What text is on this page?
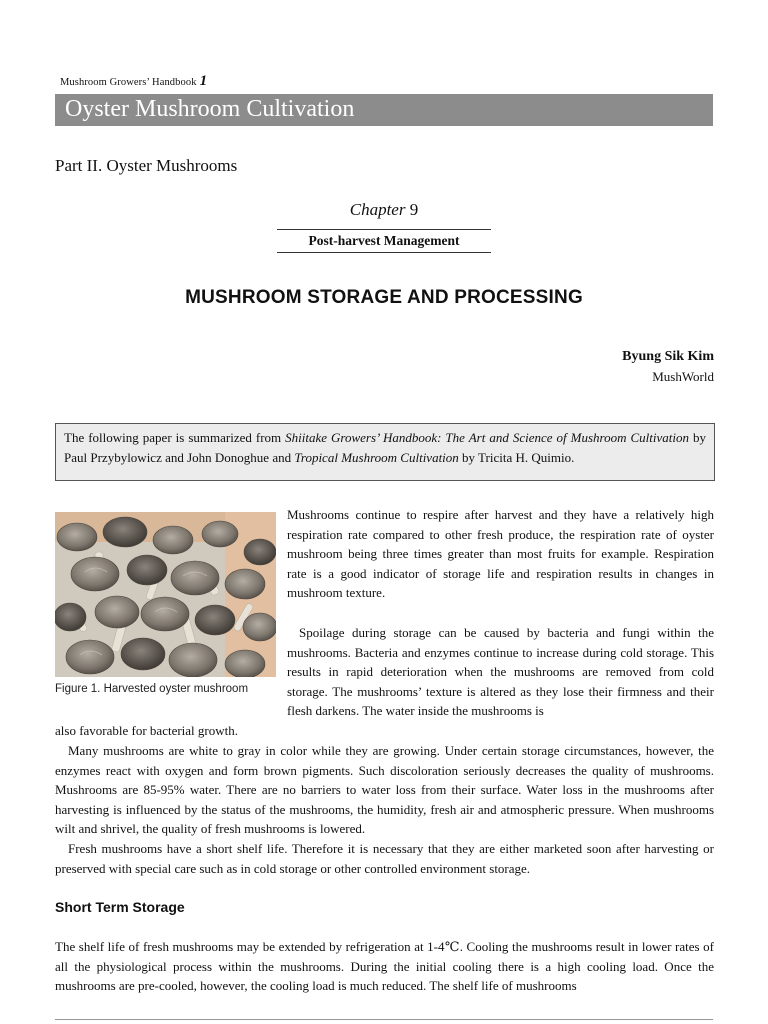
Mushroom Growers’ Handbook 1
Oyster Mushroom Cultivation
Part II. Oyster Mushrooms
Chapter 9
Post-harvest Management
MUSHROOM STORAGE AND PROCESSING
Byung Sik Kim
MushWorld
The following paper is summarized from Shiitake Growers’ Handbook: The Art and Science of Mushroom Cultivation by Paul Przybylowicz and John Donoghue and Tropical Mushroom Cultivation by Tricita H. Quimio.
Figure 1. Harvested oyster mushroom
Mushrooms continue to respire after harvest and they have a relatively high respiration rate compared to other fresh produce, the respiration rate of oyster mushroom being three times greater than most fruits for example. Respiration rate is a good indicator of storage life and respiration results in changes in mushroom texture.
Spoilage during storage can be caused by bacteria and fungi within the mushrooms. Bacteria and enzymes continue to increase during cold storage. This results in rapid deterioration when the mushrooms are removed from cold storage. The mushrooms’ texture is altered as they lose their firmness and their flesh darkens. The water inside the mushrooms is
also favorable for bacterial growth.
Many mushrooms are white to gray in color while they are growing. Under certain storage circumstances, however, the enzymes react with oxygen and form brown pigments. Such discoloration seriously decreases the quality of mushrooms. Mushrooms are 85-95% water. There are no barriers to water loss from their surface. Water loss in the mushrooms after harvesting is influenced by the status of the mushrooms, the humidity, fresh air and atmospheric pressure. When mushrooms wilt and shrivel, the quality of fresh mushrooms is lowered.
Fresh mushrooms have a short shelf life. Therefore it is necessary that they are either marketed soon after harvesting or preserved with special care such as in cold storage or other controlled environment storage.
Short Term Storage
The shelf life of fresh mushrooms may be extended by refrigeration at 1-4℃. Cooling the mushrooms result in lower rates of all the physiological process within the mushrooms. During the initial cooling there is a high cooling load. Once the mushrooms are pre-cooled, however, the cooling load is much reduced. The shelf life of mushrooms
